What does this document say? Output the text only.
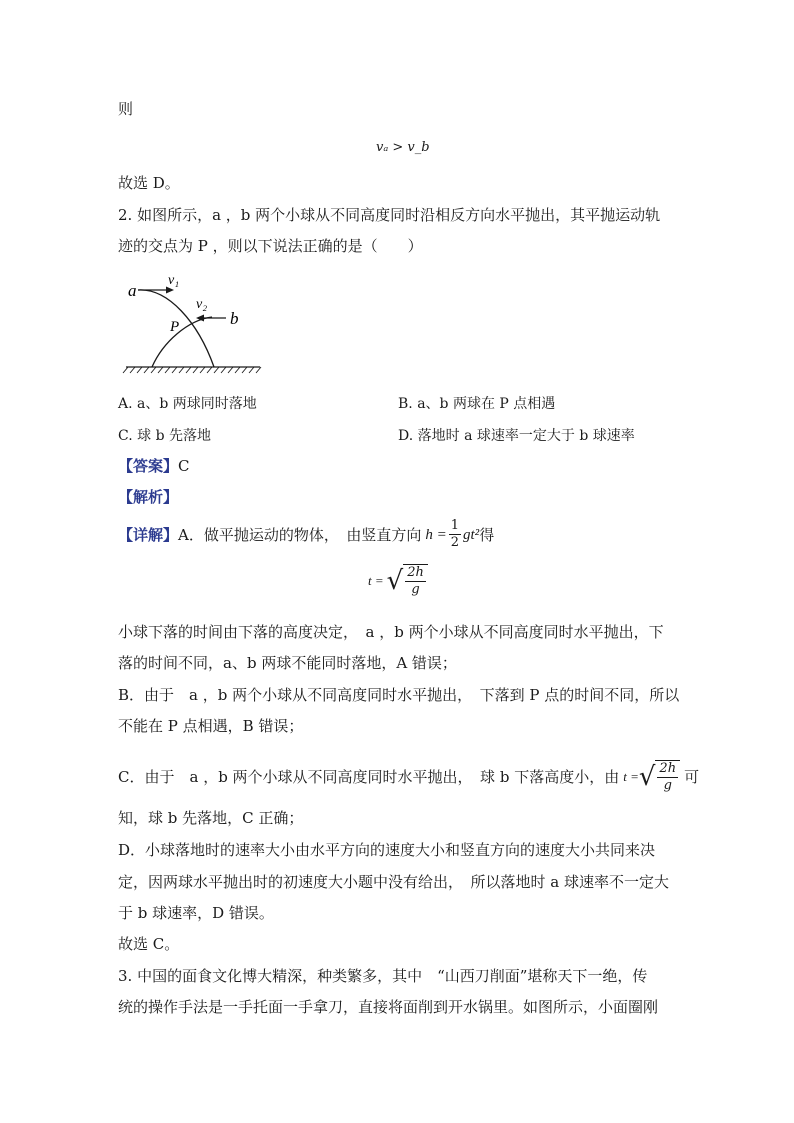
则
vₐ > v_b
故选 D。
2. 如图所示，a ，b 两个小球从不同高度同时沿相反方向水平抛出，其平抛运动轨
迹的交点为 P ，则以下说法正确的是（　　）
a
v₁
v₂
b
P
A. a、b 两球同时落地	B. a、b 两球在 P 点相遇
C. 球 b 先落地	D. 落地时 a 球速率一定大于 b 球速率
【答案】C
【解析】
【详解】 A．做平抛运动的物体，　由竖直方向 $h = \frac{1}{2} gt^2$ 得
t = √ $\frac{2h}{g}$
小球下落的时间由下落的高度决定，　a ，b 两个小球从不同高度同时水平抛出，下
落的时间不同，a、b 两球不能同时落地，A 错误；
B．由于　a ，b 两个小球从不同高度同时水平抛出，　下落到 P 点的时间不同，所以
不能在 P 点相遇，B 错误；
C．由于　a ，b 两个小球从不同高度同时水平抛出，　球 b 下落高度小，由 t = √ $\frac{2h}{g}$ 可
知，球 b 先落地，C 正确；
D．小球落地时的速率大小由水平方向的速度大小和竖直方向的速度大小共同来决
定，因两球水平抛出时的初速度大小题中没有给出，　所以落地时 a 球速率不一定大
于 b 球速率，D 错误。
故选 C。
3. 中国的面食文化博大精深，种类繁多，其中　“山西刀削面”堪称天下一绝，传
统的操作手法是一手托面一手拿刀，直接将面削到开水锅里。如图所示，小面圈刚
